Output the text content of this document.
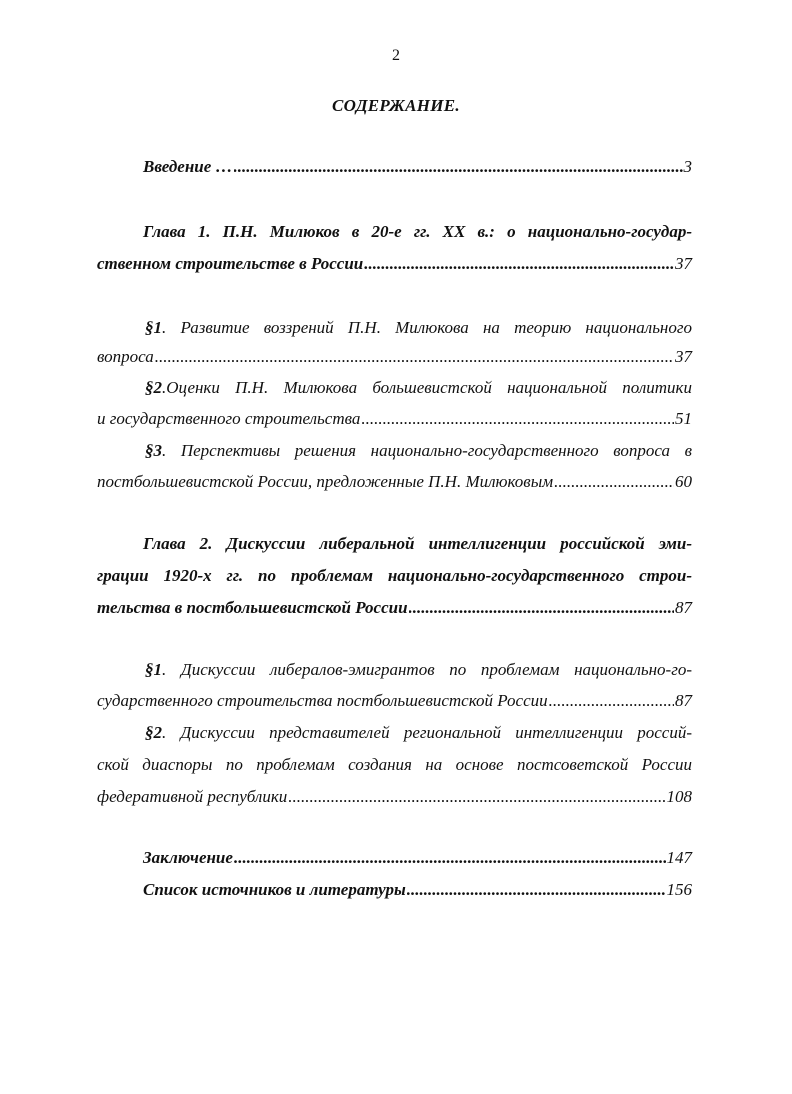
2
СОДЕРЖАНИЕ.
Введение … .....	3
Глава 1. П.Н. Милюков в 20-е гг. XX в.: о национально-государ-
ственном строительстве в России .....	37
§1. Развитие воззрений П.Н. Милюкова на теорию национального
вопроса .....	37
§2.Оценки П.Н. Милюкова большевистской национальной политики
и государственного строительства .....	51
§3. Перспективы решения национально-государственного вопроса в
постбольшевистской России, предложенные П.Н. Милюковым .....	60
Глава 2. Дискуссии либеральной интеллигенции российской эми-
грации 1920-х гг. по проблемам национально-государственного строи-
тельства в постбольшевистской России .....	87
§1. Дискуссии либералов-эмигрантов по проблемам национально-го-
сударственного строительства постбольшевистской России .....	87
§2. Дискуссии представителей региональной интеллигенции россий-
ской диаспоры по проблемам создания на основе постсоветской России
федеративной республики .....	108
Заключение .....	147
Список источников и литературы .....	156
